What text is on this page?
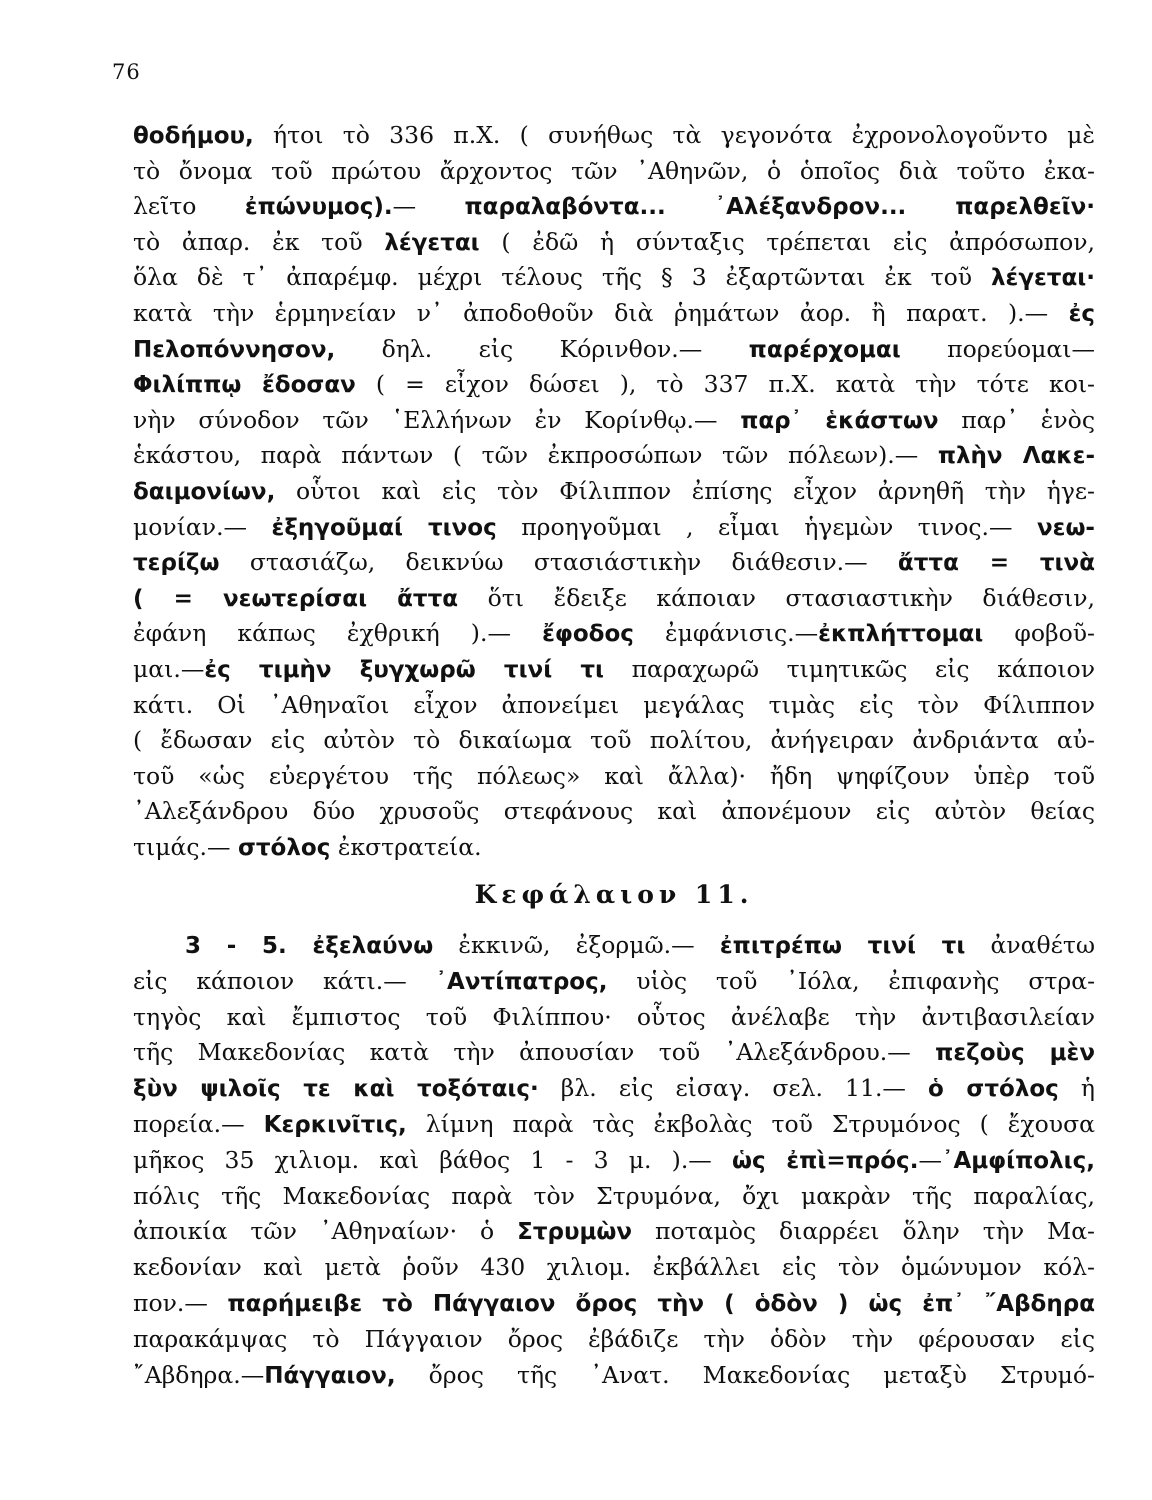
76
θοδήμου, ήτοι τὸ 336 π.Χ. ( συνήθως τὰ γεγονότα ἐχρονολογοῦντο μὲ
τὸ ὄνομα τοῦ πρώτου ἄρχοντος τῶν ᾿Αθηνῶν, ὁ ὁποῖος διὰ τοῦτο ἐκα-
λεῖτο ἐπώνυμος).— παραλαβόντα... ᾿Αλέξανδρον... παρελθεῖν·
τὸ ἀπαρ. ἐκ τοῦ λέγεται ( ἐδῶ ἡ σύνταξις τρέπεται εἰς ἀπρόσωπον,
ὅλα δὲ τ᾿ ἀπαρέμφ. μέχρι τέλους τῆς § 3 ἐξαρτῶνται ἐκ τοῦ λέγεται·
κατὰ τὴν ἑρμηνείαν ν᾿ ἀποδοθοῦν διὰ ῥημάτων ἀορ. ἢ παρατ. ).— ἐς
Πελοπόννησον, δηλ. εἰς Κόρινθον.— παρέρχομαι πορεύομαι—
Φιλίππῳ ἔδοσαν ( = εἶχον δώσει ), τὸ 337 π.Χ. κατὰ τὴν τότε κοι-
νὴν σύνοδον τῶν ῾Ελλήνων ἐν Κορίνθῳ.— παρ᾿ ἑκάστων παρ᾿ ἑνὸς
ἑκάστου, παρὰ πάντων ( τῶν ἐκπροσώπων τῶν πόλεων).— πλὴν Λακε-
δαιμονίων, οὗτοι καὶ εἰς τὸν Φίλιππον ἐπίσης εἶχον ἀρνηθῆ τὴν ἡγε-
μονίαν.— ἐξηγοῦμαί τινος προηγοῦμαι , εἶμαι ἡγεμὼν τινος.— νεω-
τερίζω στασιάζω, δεικνύω στασιάστικὴν διάθεσιν.— ἄττα = τινὰ
( = νεωτερίσαι ἄττα ὅτι ἔδειξε κάποιαν στασιαστικὴν διάθεσιν,
ἐφάνη κάπως ἐχθρική ).— ἔφοδος ἐμφάνισις.—ἐκπλήττομαι φοβοῦ-
μαι.—ἐς τιμὴν ξυγχωρῶ τινί τι παραχωρῶ τιμητικῶς εἰς κάποιον
κάτι. Οἱ ᾿Αθηναῖοι εἶχον ἀπονείμει μεγάλας τιμὰς εἰς τὸν Φίλιππον
( ἔδωσαν εἰς αὐτὸν τὸ δικαίωμα τοῦ πολίτου, ἀνήγειραν ἀνδριάντα αὐ-
τοῦ «ὡς εὐεργέτου τῆς πόλεως» καὶ ἄλλα)· ἤδη ψηφίζουν ὑπὲρ τοῦ
᾿Αλεξάνδρου δύο χρυσοῦς στεφάνους καὶ ἀπονέμουν εἰς αὐτὸν θείας
τιμάς.— στόλος ἐκστρατεία.
Κεφάλαιον 11.
3 - 5. ἐξελαύνω ἐκκινῶ, ἐξορμῶ.— ἐπιτρέπω τινί τι ἀναθέτω
εἰς κάποιον κάτι.— ᾿Αντίπατρος, υἱὸς τοῦ ᾿Ιόλα, ἐπιφανὴς στρα-
τηγὸς καὶ ἔμπιστος τοῦ Φιλίππου· οὗτος ἀνέλαβε τὴν ἀντιβασιλείαν
τῆς Μακεδονίας κατὰ τὴν ἀπουσίαν τοῦ ᾿Αλεξάνδρου.— πεζοὺς μὲν
ξὺν ψιλοῖς τε καὶ τοξόταις· βλ. εἰς εἰσαγ. σελ. 11.— ὁ στόλος ἡ
πορεία.— Κερκινῖτις, λίμνη παρὰ τὰς ἐκβολὰς τοῦ Στρυμόνος ( ἔχουσα
μῆκος 35 χιλιομ. καὶ βάθος 1 - 3 μ. ).— ὡς ἐπὶ=πρός.—᾿Αμφίπολις,
πόλις τῆς Μακεδονίας παρὰ τὸν Στρυμόνα, ὄχι μακρὰν τῆς παραλίας,
ἀποικία τῶν ᾿Αθηναίων· ὁ Στρυμὼν ποταμὸς διαρρέει ὅλην τὴν Μα-
κεδονίαν καὶ μετὰ ῥοῦν 430 χιλιομ. ἐκβάλλει εἰς τὸν ὁμώνυμον κόλ-
πον.— παρήμειβε τὸ Πάγγαιον ὄρος τὴν ( ὁδὸν ) ὡς ἐπ᾿ ῎Αβδηρα
παρακάμψας τὸ Πάγγαιον ὄρος ἐβάδιζε τὴν ὁδὸν τὴν φέρουσαν εἰς
῎Αβδηρα.—Πάγγαιον, ὄρος τῆς ᾿Ανατ. Μακεδονίας μεταξὺ Στρυμό-
